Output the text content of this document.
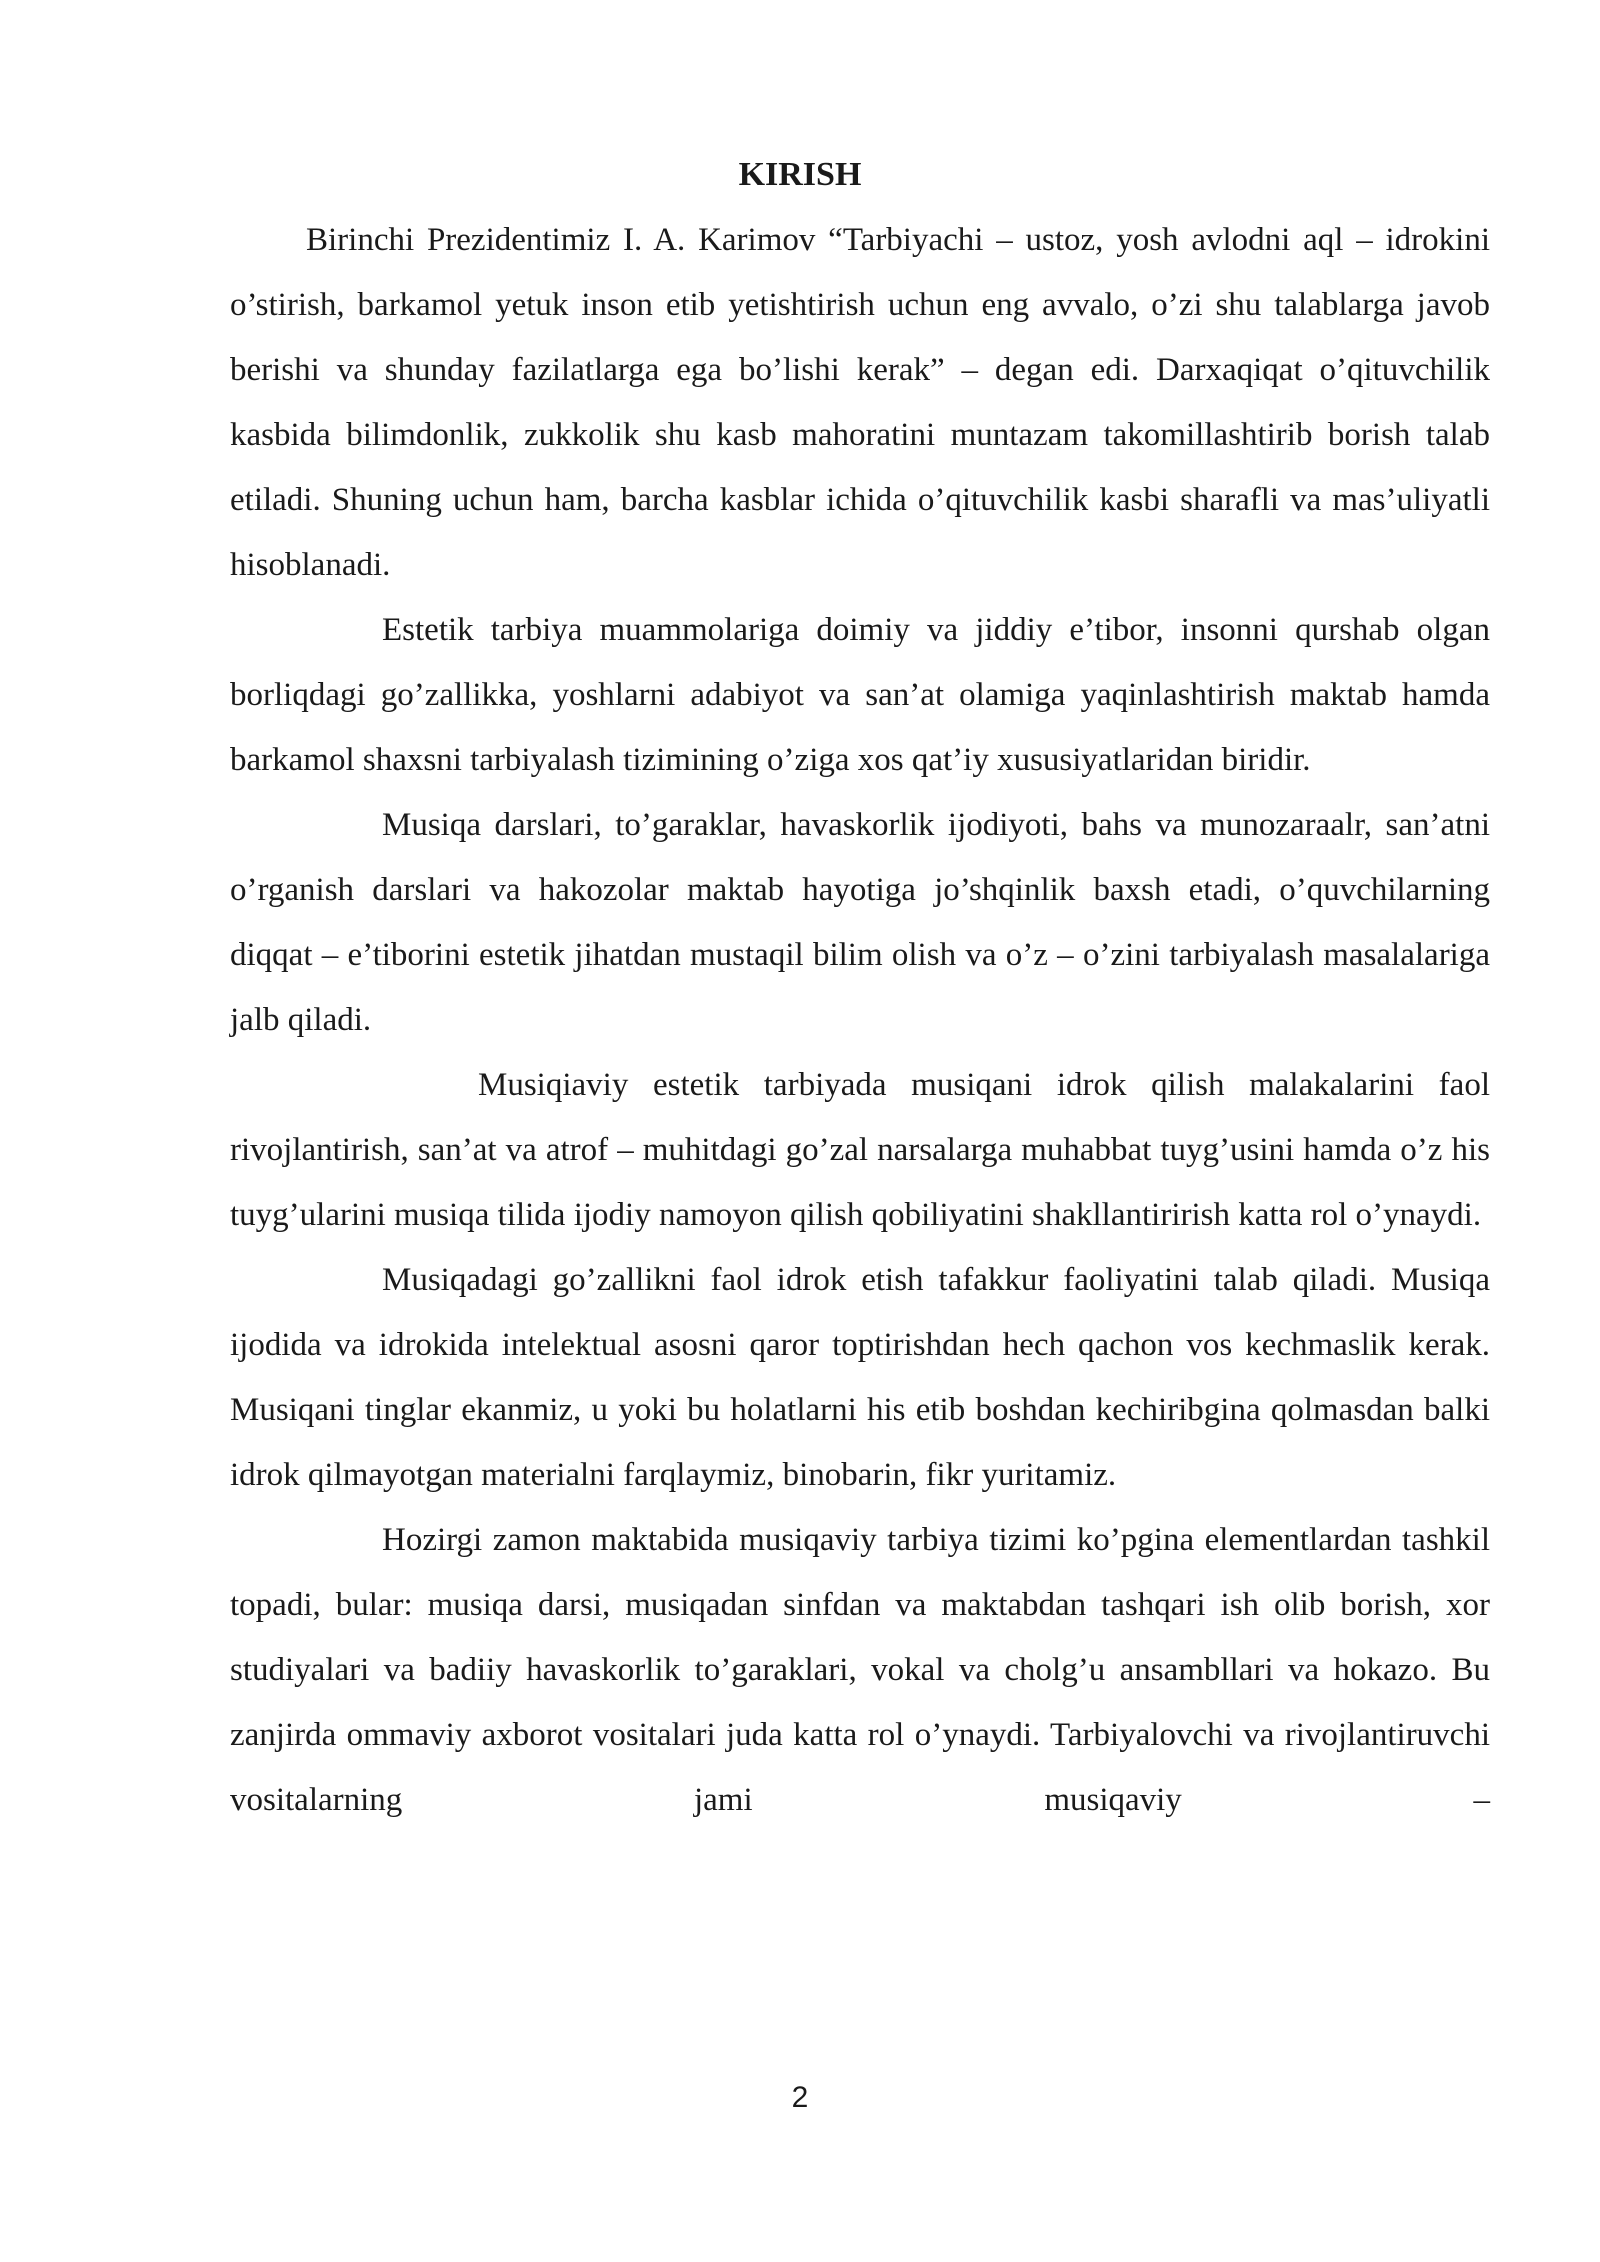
KIRISH

Birinchi Prezidentimiz I. A. Karimov “Tarbiyachi – ustoz, yosh avlodni aql – idrokini o’stirish, barkamol yetuk inson etib yetishtirish uchun eng avvalo, o’zi shu talablarga javob berishi va shunday fazilatlarga ega bo’lishi kerak” – degan edi. Darxaqiqat o’qituvchilik kasbida bilimdonlik, zukkolik shu kasb mahoratini muntazam takomillashtirib borish talab etiladi. Shuning uchun ham, barcha kasblar ichida o’qituvchilik kasbi sharafli va mas’uliyatli hisoblanadi.

Estetik tarbiya muammolariga doimiy va jiddiy e’tibor, insonni qurshab olgan borliqdagi go’zallikka, yoshlarni adabiyot va san’at olamiga yaqinlashtirish maktab hamda barkamol shaxsni tarbiyalash tizimining o’ziga xos qat’iy xususiyatlaridan biridir.

Musiqa darslari, to’garaklar, havaskorlik ijodiyoti, bahs va munozaraalr, san’atni o’rganish darslari va hakozolar maktab hayotiga jo’shqinlik baxsh etadi, o’quvchilarning diqqat – e’tiborini estetik jihatdan mustaqil bilim olish va o’z – o’zini tarbiyalash masalalariga jalb qiladi.

Musiqiaviy estetik tarbiyada musiqani idrok qilish malakalarini faol rivojlantirish, san’at va atrof – muhitdagi go’zal narsalarga muhabbat tuyg’usini hamda o’z his tuyg’ularini musiqa tilida ijodiy namoyon qilish qobiliyatini shakllantirirish katta rol o’ynaydi.

Musiqadagi go’zallikni faol idrok etish tafakkur faoliyatini talab qiladi. Musiqa ijodida va idrokida intelektual asosni qaror toptirishdan hech qachon vos kechmaslik kerak. Musiqani tinglar ekanmiz, u yoki bu holatlarni his etib boshdan kechiribgina qolmasdan balki idrok qilmayotgan materialni farqlaymiz, binobarin, fikr yuritamiz.

Hozirgi zamon maktabida musiqaviy tarbiya tizimi ko’pgina elementlardan tashkil topadi, bular: musiqa darsi, musiqadan sinfdan va maktabdan tashqari ish olib borish, xor studiyalari va badiiy havaskorlik to’garaklari, vokal va cholg’u ansambllari va hokazo. Bu zanjirda ommaviy axborot vositalari juda katta rol o’ynaydi. Tarbiyalovchi va rivojlantiruvchi vositalarning jami musiqaviy –

2
